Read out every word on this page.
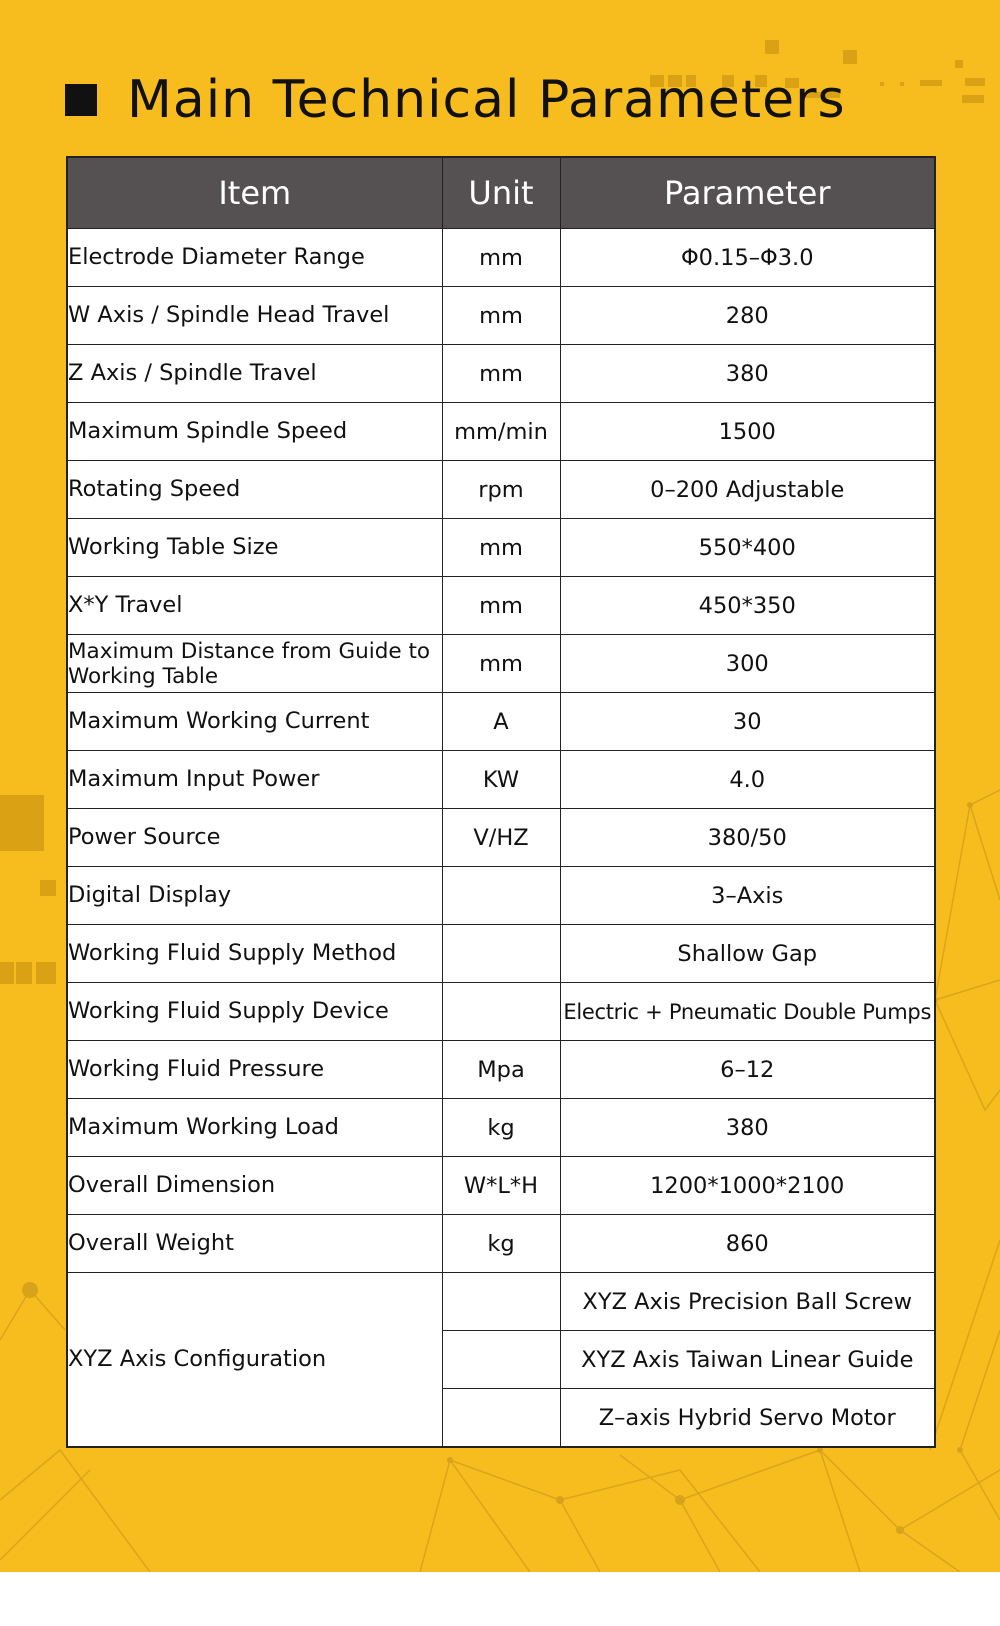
Main Technical Parameters
Item	Unit	Parameter
Electrode Diameter Range	mm	Φ0.15–Φ3.0
W Axis / Spindle Head Travel	mm	280
Z Axis / Spindle Travel	mm	380
Maximum Spindle Speed	mm/min	1500
Rotating Speed	rpm	0–200 Adjustable
Working Table Size	mm	550*400
X*Y Travel	mm	450*350
Maximum Distance from Guide to Working Table	mm	300
Maximum Working Current	A	30
Maximum Input Power	KW	4.0
Power Source	V/HZ	380/50
Digital Display		3–Axis
Working Fluid Supply Method		Shallow Gap
Working Fluid Supply Device		Electric + Pneumatic Double Pumps
Working Fluid Pressure	Mpa	6–12
Maximum Working Load	kg	380
Overall Dimension	W*L*H	1200*1000*2100
Overall Weight	kg	860
XYZ Axis Configuration		XYZ Axis Precision Ball Screw
		XYZ Axis Taiwan Linear Guide
		Z–axis Hybrid Servo Motor
